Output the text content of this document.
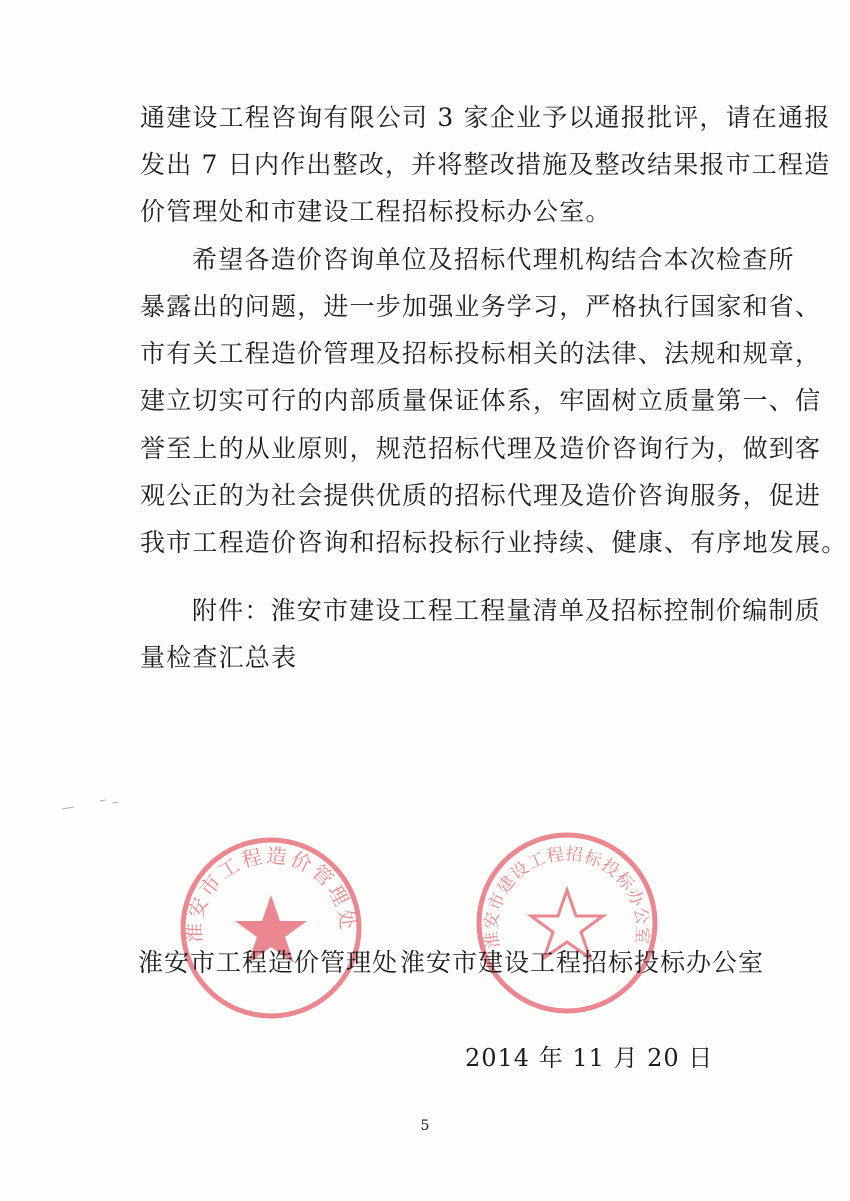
通建设工程咨询有限公司 3 家企业予以通报批评，请在通报
发出 7 日内作出整改，并将整改措施及整改结果报市工程造
价管理处和市建设工程招标投标办公室。
希望各造价咨询单位及招标代理机构结合本次检查所
暴露出的问题，进一步加强业务学习，严格执行国家和省、
市有关工程造价管理及招标投标相关的法律、法规和规章，
建立切实可行的内部质量保证体系，牢固树立质量第一、信
誉至上的从业原则，规范招标代理及造价咨询行为，做到客
观公正的为社会提供优质的招标代理及造价咨询服务，促进
我市工程造价咨询和招标投标行业持续、健康、有序地发展。
附件：淮安市建设工程工程量清单及招标控制价编制质
量检查汇总表
淮安市工程造价管理处
淮安市建设工程招标投标办公室
淮安市工程造价管理处 淮安市建设工程招标投标办公室
2014 年 11 月 20 日
5
